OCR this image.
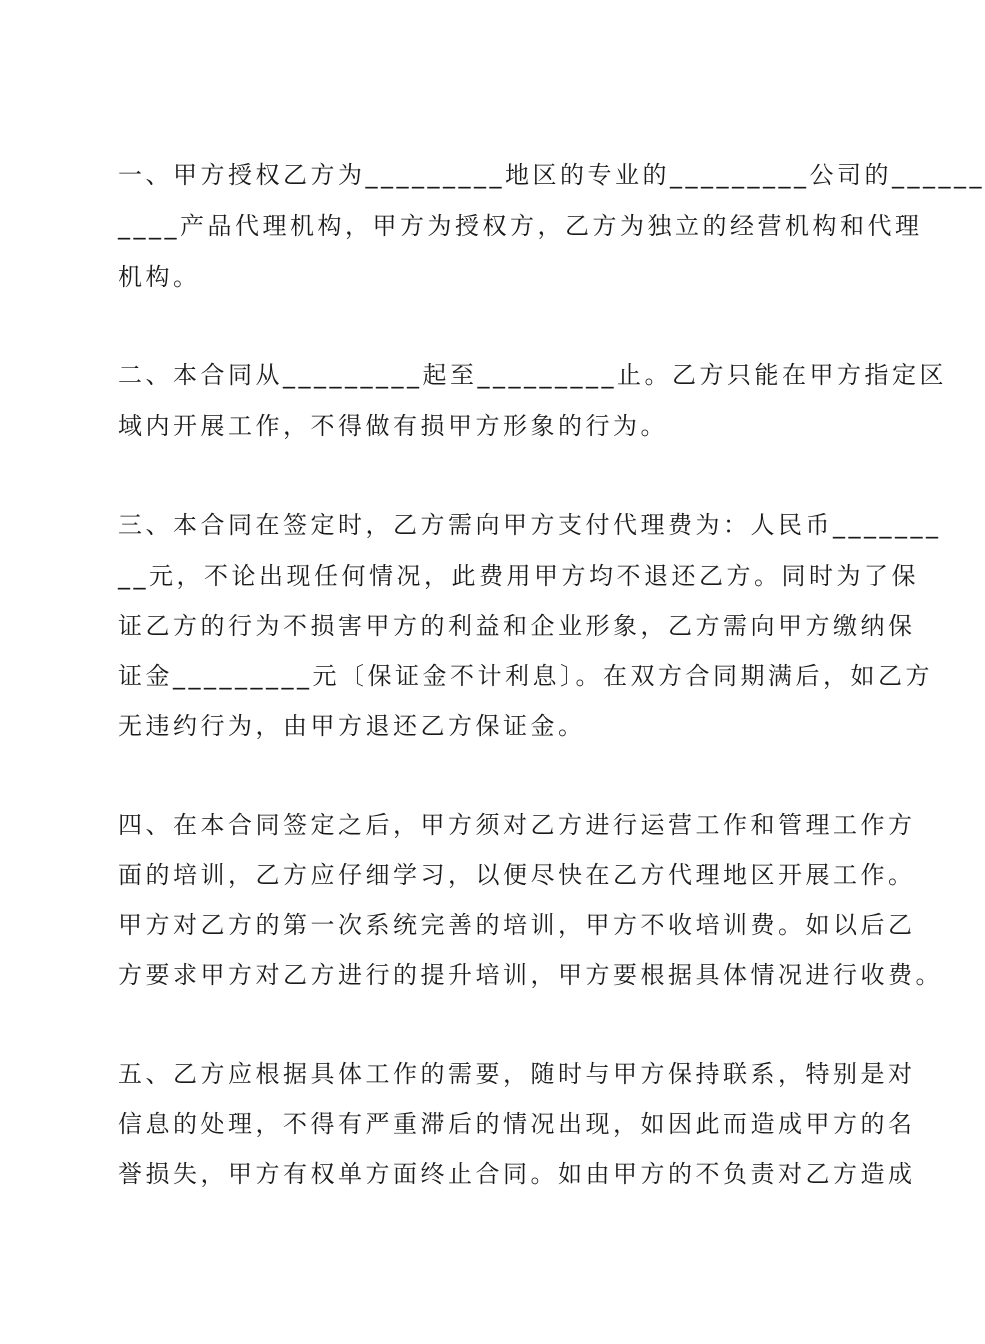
一、甲方授权乙方为_________地区的专业的_________公司的______
____产品代理机构，甲方为授权方，乙方为独立的经营机构和代理
机构。
二、本合同从_________起至_________止。乙方只能在甲方指定区
域内开展工作，不得做有损甲方形象的行为。
三、本合同在签定时，乙方需向甲方支付代理费为：人民币_______
__元，不论出现任何情况，此费用甲方均不退还乙方。同时为了保
证乙方的行为不损害甲方的利益和企业形象，乙方需向甲方缴纳保
证金_________元〔保证金不计利息〕。在双方合同期满后，如乙方
无违约行为，由甲方退还乙方保证金。
四、在本合同签定之后，甲方须对乙方进行运营工作和管理工作方
面的培训，乙方应仔细学习，以便尽快在乙方代理地区开展工作。
甲方对乙方的第一次系统完善的培训，甲方不收培训费。如以后乙
方要求甲方对乙方进行的提升培训，甲方要根据具体情况进行收费。
五、乙方应根据具体工作的需要，随时与甲方保持联系，特别是对
信息的处理，不得有严重滞后的情况出现，如因此而造成甲方的名
誉损失，甲方有权单方面终止合同。如由甲方的不负责对乙方造成
